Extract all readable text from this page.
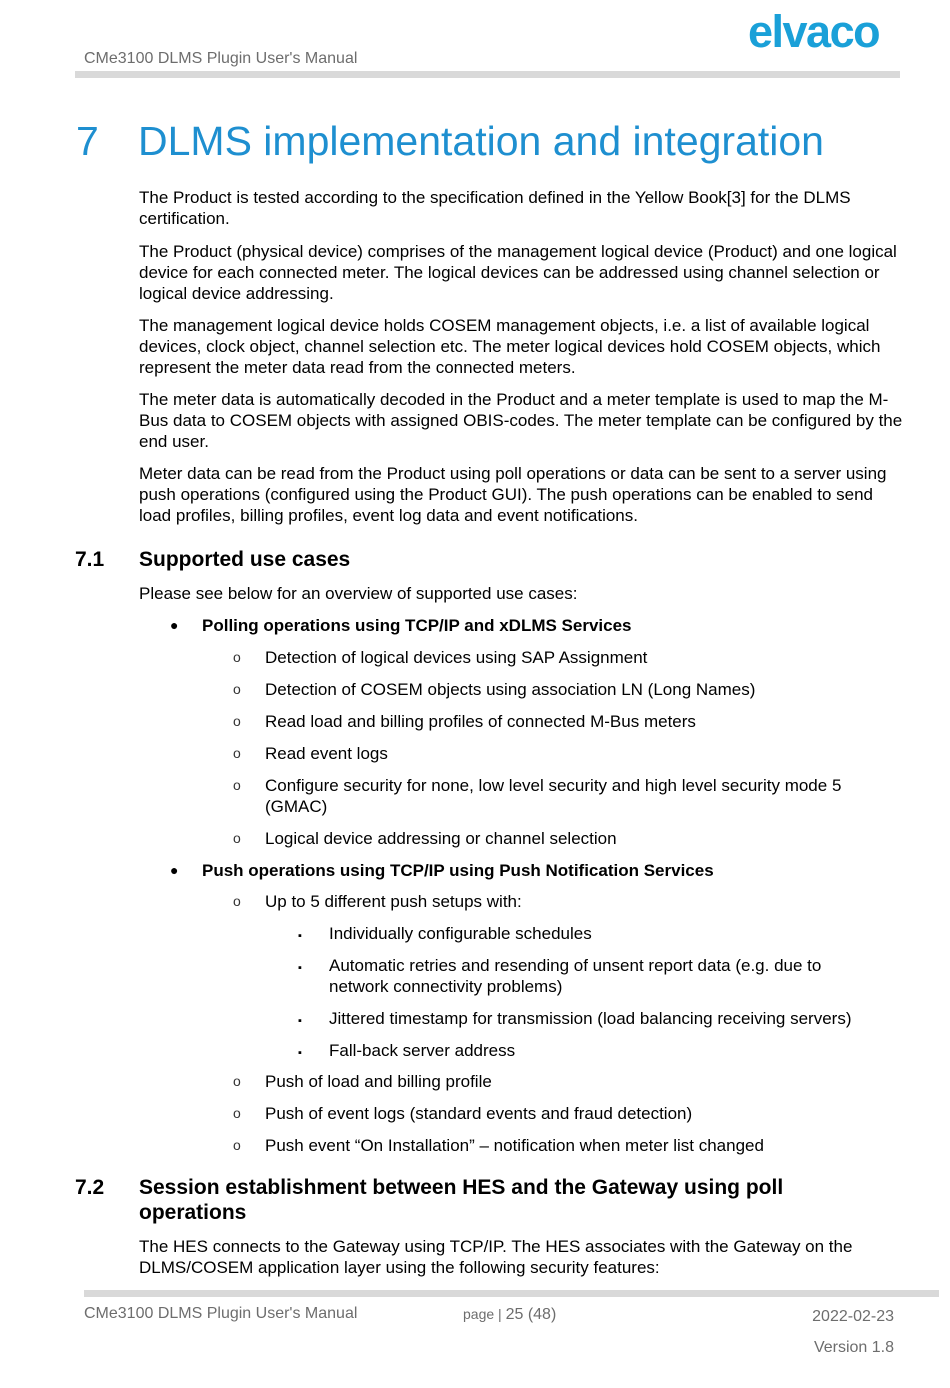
CMe3100 DLMS Plugin User's Manual
elvaco
7 DLMS implementation and integration
The Product is tested according to the specification defined in the Yellow Book[3] for the DLMS certification.
The Product (physical device) comprises of the management logical device (Product) and one logical device for each connected meter. The logical devices can be addressed using channel selection or logical device addressing.
The management logical device holds COSEM management objects, i.e. a list of available logical devices, clock object, channel selection etc. The meter logical devices hold COSEM objects, which represent the meter data read from the connected meters.
The meter data is automatically decoded in the Product and a meter template is used to map the M-Bus data to COSEM objects with assigned OBIS-codes. The meter template can be configured by the end user.
Meter data can be read from the Product using poll operations or data can be sent to a server using push operations (configured using the Product GUI). The push operations can be enabled to send load profiles, billing profiles, event log data and event notifications.
7.1 Supported use cases
Please see below for an overview of supported use cases:
● Polling operations using TCP/IP and xDLMS Services
o Detection of logical devices using SAP Assignment
o Detection of COSEM objects using association LN (Long Names)
o Read load and billing profiles of connected M-Bus meters
o Read event logs
o Configure security for none, low level security and high level security mode 5
(GMAC)
o Logical device addressing or channel selection
● Push operations using TCP/IP using Push Notification Services
o Up to 5 different push setups with:
▪ Individually configurable schedules
▪ Automatic retries and resending of unsent report data (e.g. due to
network connectivity problems)
▪ Jittered timestamp for transmission (load balancing receiving servers)
▪ Fall-back server address
o Push of load and billing profile
o Push of event logs (standard events and fraud detection)
o Push event “On Installation” – notification when meter list changed
7.2 Session establishment between HES and the Gateway using poll operations
The HES connects to the Gateway using TCP/IP. The HES associates with the Gateway on the DLMS/COSEM application layer using the following security features:
CMe3100 DLMS Plugin User's Manual	page | 25 (48)	2022-02-23
Version 1.8
